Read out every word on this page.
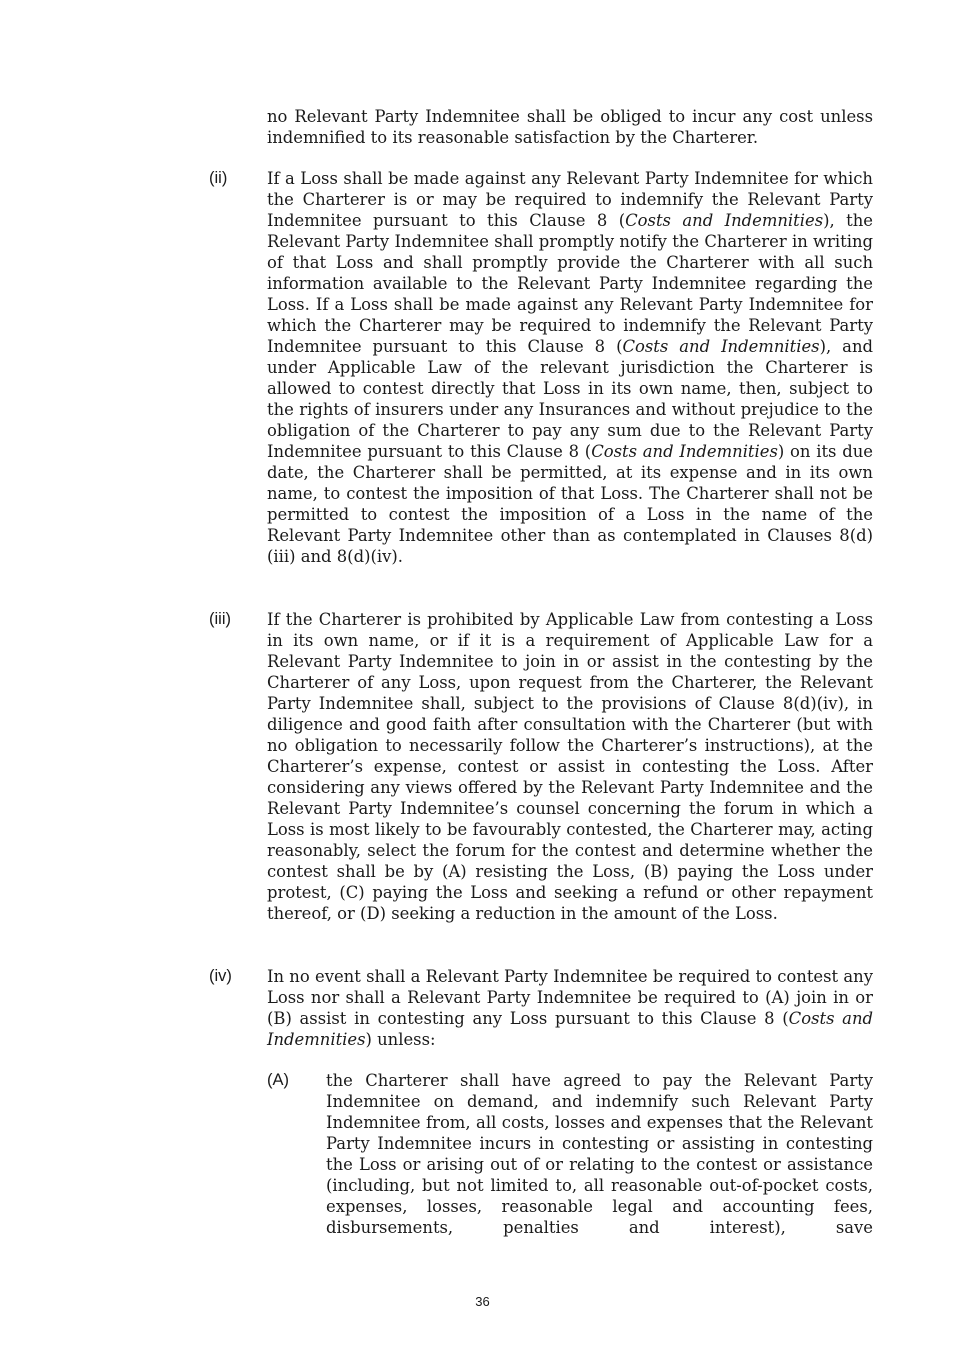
no Relevant Party Indemnitee shall be obliged to incur any cost unless indemnified to its reasonable satisfaction by the Charterer.
(ii) If a Loss shall be made against any Relevant Party Indemnitee for which the Charterer is or may be required to indemnify the Relevant Party Indemnitee pursuant to this Clause 8 (Costs and Indemnities), the Relevant Party Indemnitee shall promptly notify the Charterer in writing of that Loss and shall promptly provide the Charterer with all such information available to the Relevant Party Indemnitee regarding the Loss. If a Loss shall be made against any Relevant Party Indemnitee for which the Charterer may be required to indemnify the Relevant Party Indemnitee pursuant to this Clause 8 (Costs and Indemnities), and under Applicable Law of the relevant jurisdiction the Charterer is allowed to contest directly that Loss in its own name, then, subject to the rights of insurers under any Insurances and without prejudice to the obligation of the Charterer to pay any sum due to the Relevant Party Indemnitee pursuant to this Clause 8 (Costs and Indemnities) on its due date, the Charterer shall be permitted, at its expense and in its own name, to contest the imposition of that Loss. The Charterer shall not be permitted to contest the imposition of a Loss in the name of the Relevant Party Indemnitee other than as contemplated in Clauses 8(d)(iii) and 8(d)(iv).
(iii) If the Charterer is prohibited by Applicable Law from contesting a Loss in its own name, or if it is a requirement of Applicable Law for a Relevant Party Indemnitee to join in or assist in the contesting by the Charterer of any Loss, upon request from the Charterer, the Relevant Party Indemnitee shall, subject to the provisions of Clause 8(d)(iv), in diligence and good faith after consultation with the Charterer (but with no obligation to necessarily follow the Charterer’s instructions), at the Charterer’s expense, contest or assist in contesting the Loss. After considering any views offered by the Relevant Party Indemnitee and the Relevant Party Indemnitee’s counsel concerning the forum in which a Loss is most likely to be favourably contested, the Charterer may, acting reasonably, select the forum for the contest and determine whether the contest shall be by (A) resisting the Loss, (B) paying the Loss under protest, (C) paying the Loss and seeking a refund or other repayment thereof, or (D) seeking a reduction in the amount of the Loss.
(iv) In no event shall a Relevant Party Indemnitee be required to contest any Loss nor shall a Relevant Party Indemnitee be required to (A) join in or (B) assist in contesting any Loss pursuant to this Clause 8 (Costs and Indemnities) unless:
(A) the Charterer shall have agreed to pay the Relevant Party Indemnitee on demand, and indemnify such Relevant Party Indemnitee from, all costs, losses and expenses that the Relevant Party Indemnitee incurs in contesting or assisting in contesting the Loss or arising out of or relating to the contest or assistance (including, but not limited to, all reasonable out-of-pocket costs, expenses, losses, reasonable legal and accounting fees, disbursements, penalties and interest), save
36
